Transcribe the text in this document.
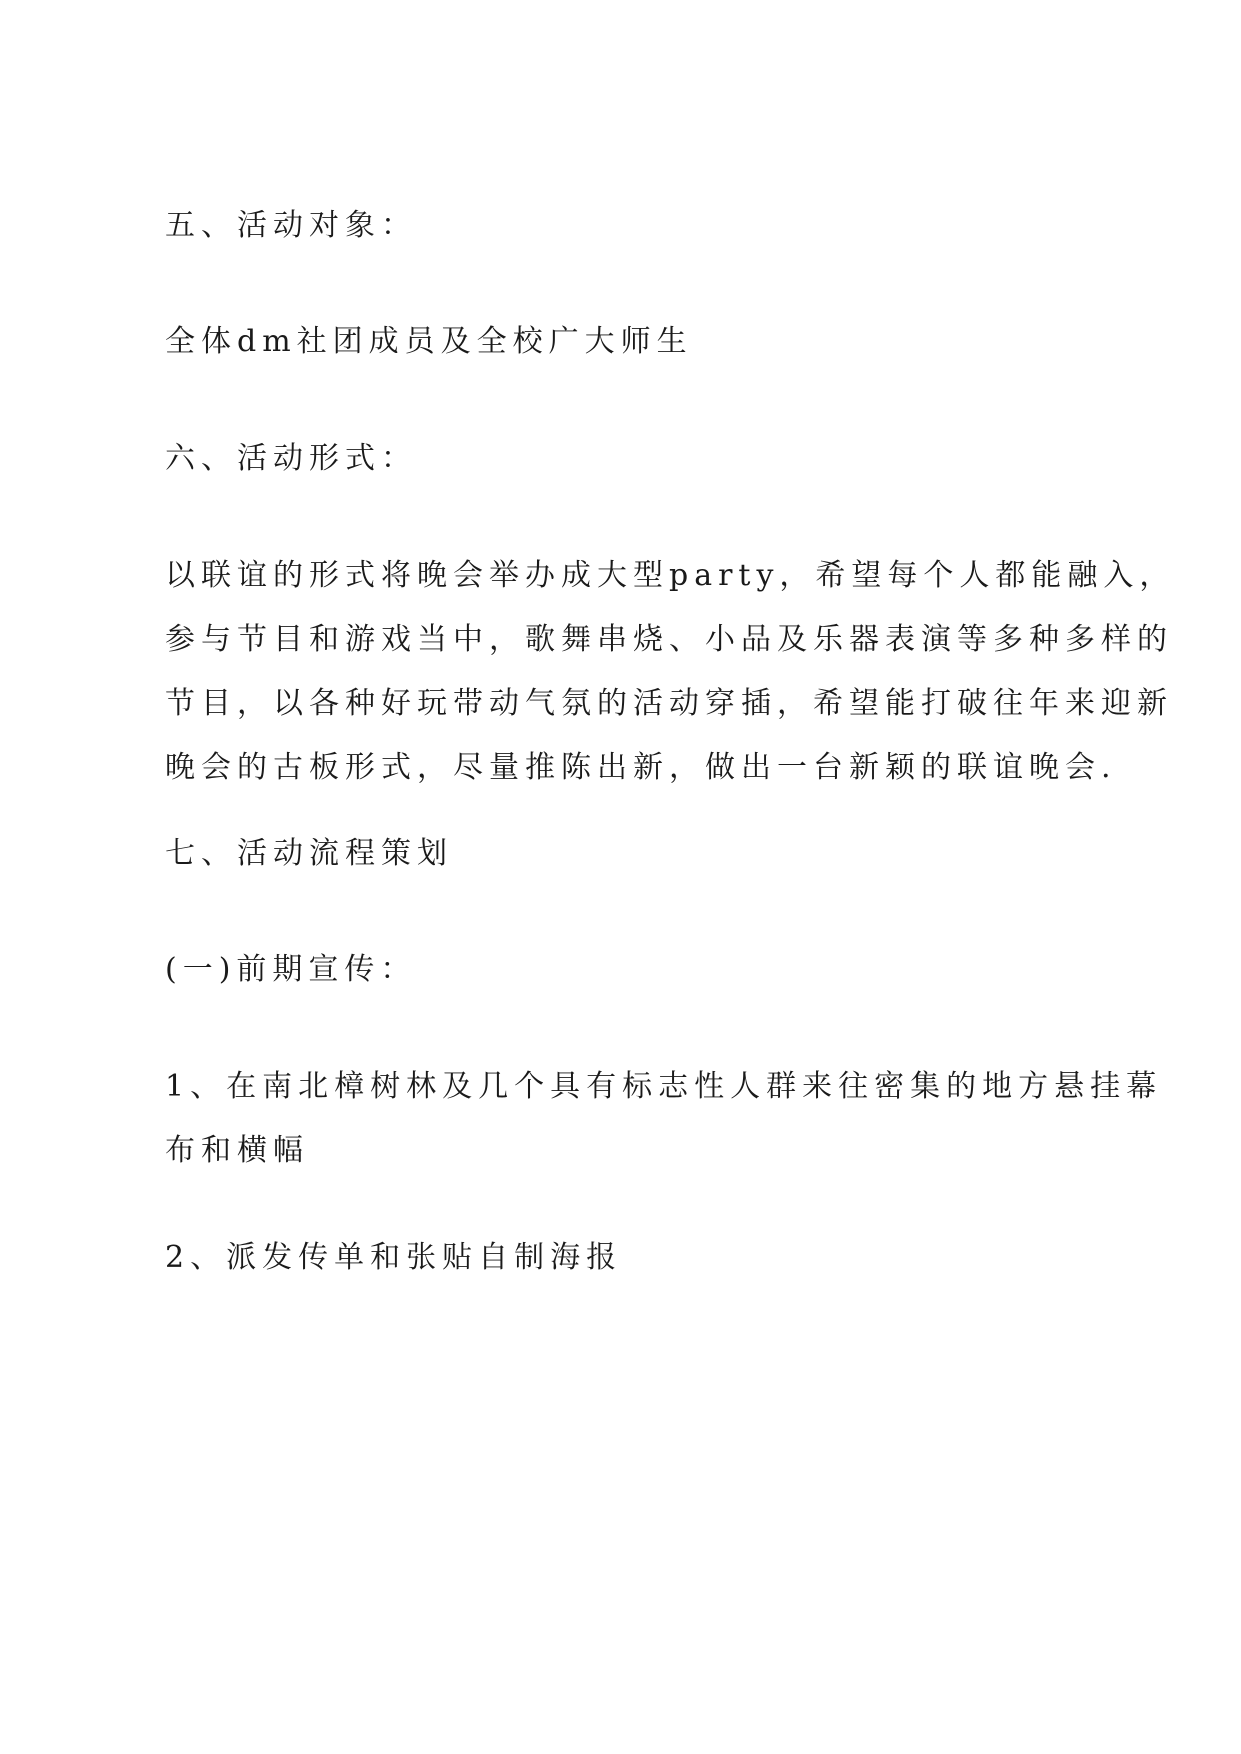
五、活动对象：

全体dm社团成员及全校广大师生

六、活动形式：

以联谊的形式将晚会举办成大型party，希望每个人都能融入，
参与节目和游戏当中，歌舞串烧、小品及乐器表演等多种多样的
节目，以各种好玩带动气氛的活动穿插，希望能打破往年来迎新
晚会的古板形式，尽量推陈出新，做出一台新颖的联谊晚会.

七、活动流程策划

(一)前期宣传：

1、在南北樟树林及几个具有标志性人群来往密集的地方悬挂幕
布和横幅

2、派发传单和张贴自制海报
